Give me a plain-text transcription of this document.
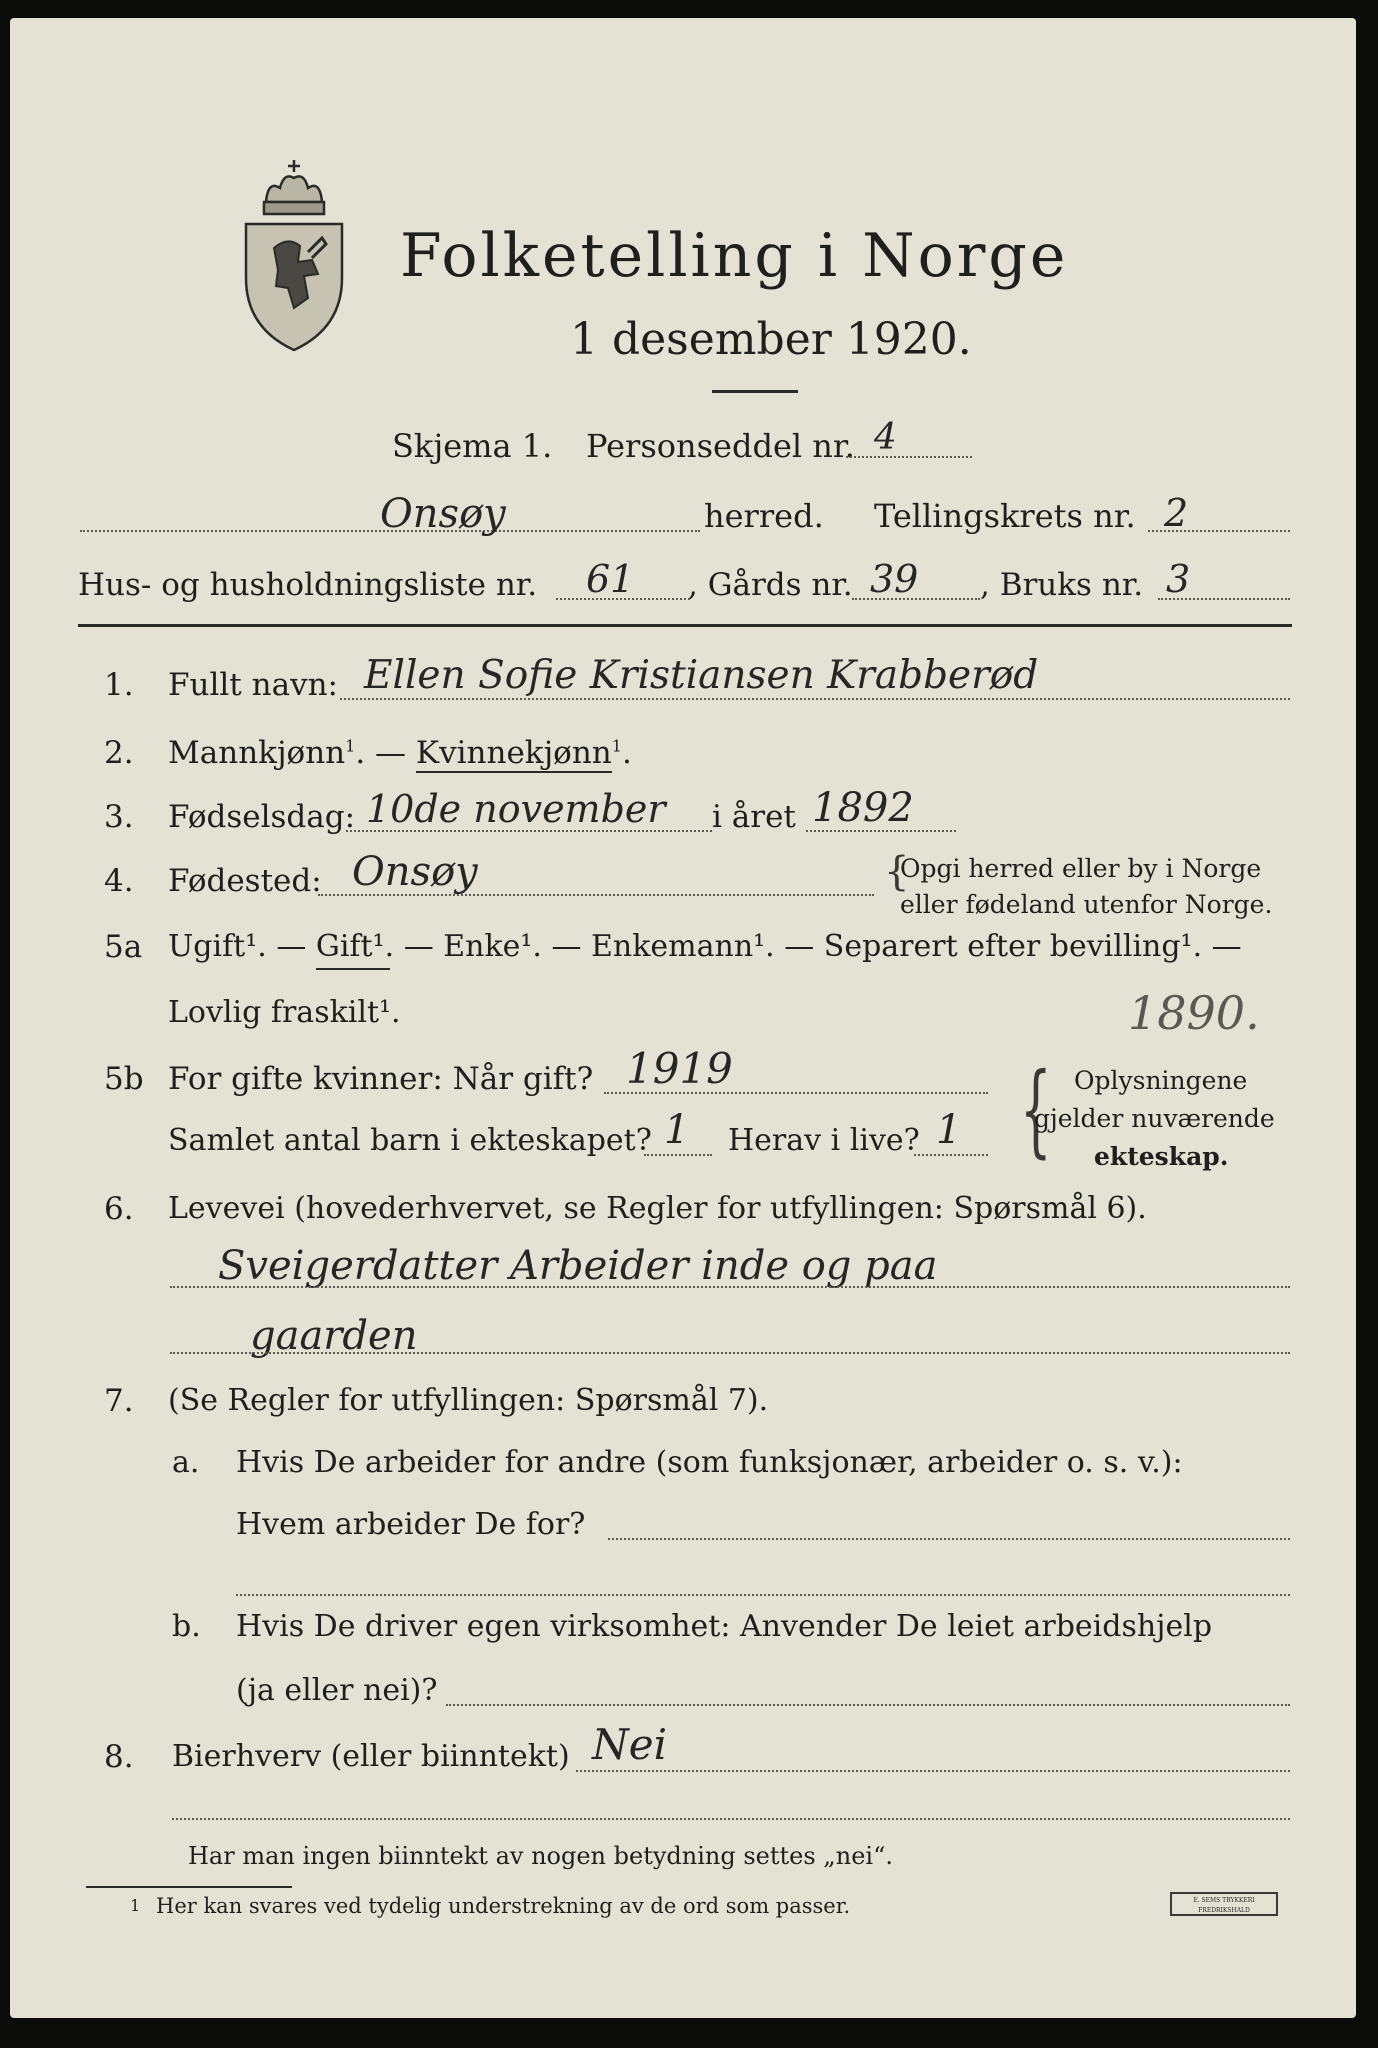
Folketelling i Norge
1 desember 1920.
Skjema 1. Personseddel nr. 4
Onsøy	herred. Tellingskrets nr. 2
Hus- og husholdningsliste nr. 61 , Gårds nr. 39 , Bruks nr. 3
1. Fullt navn: Ellen Sofie Kristiansen Krabberød
2. Mannkjønn$^1$. — Kvinnekjønn$^1$.
3. Fødselsdag: 10de november i året 1892
4. Fødested: Onsøy	{
Opgi herred eller by i Norge
eller fødeland utenfor Norge.
5a Ugift¹. — Gift¹. — Enke¹. — Enkemann¹. — Separert efter bevilling¹. —
Lovlig fraskilt¹.	1890.
5b For gifte kvinner: Når gift? 1919
Samlet antal barn i ekteskapet? 1 Herav i live? 1 { Oplysningene
gjelder nuværende
ekteskap.
6. Levevei (hovederhvervet, se Regler for utfyllingen: Spørsmål 6).
Sveigerdatter Arbeider inde og paa
gaarden
7. (Se Regler for utfyllingen: Spørsmål 7).
a. Hvis De arbeider for andre (som funksjonær, arbeider o. s. v.):
Hvem arbeider De for?
b. Hvis De driver egen virksomhet: Anvender De leiet arbeidshjelp
(ja eller nei)?
8. Bierhverv (eller biinntekt) Nei
Har man ingen biinntekt av nogen betydning settes „nei“.
1 Her kan svares ved tydelig understrekning av de ord som passer.	E. SEMS TRYKKERI FREDRIKSHALD
